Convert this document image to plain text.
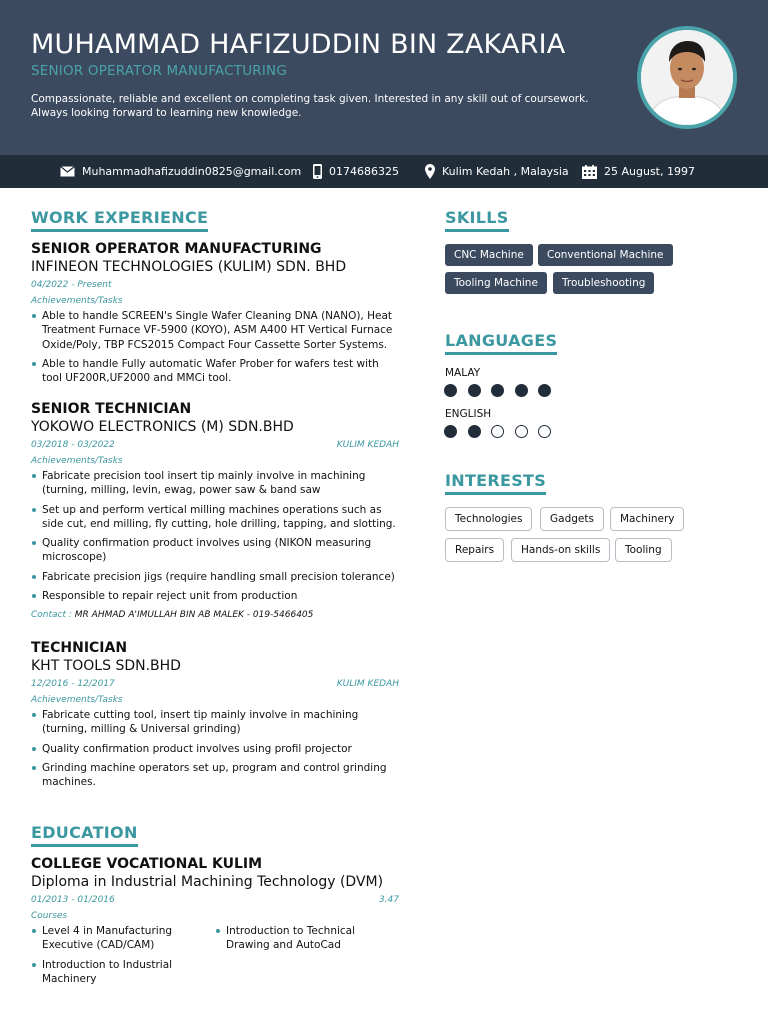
MUHAMMAD HAFIZUDDIN BIN ZAKARIA
SENIOR OPERATOR MANUFACTURING
Compassionate, reliable and excellent on completing task given. Interested in any skill out of coursework. Always looking forward to learning new knowledge.
Muhammadhafizuddin0825@gmail.com	0174686325	Kulim Kedah , Malaysia	25 August, 1997
WORK EXPERIENCE
SENIOR OPERATOR MANUFACTURING
INFINEON TECHNOLOGIES (KULIM) SDN. BHD
04/2022 - Present
Achievements/Tasks
Able to handle SCREEN's Single Wafer Cleaning DNA (NANO), Heat Treatment Furnace VF-5900 (KOYO), ASM A400 HT Vertical Furnace Oxide/Poly, TBP FCS2015 Compact Four Cassette Sorter Systems.
Able to handle Fully automatic Wafer Prober for wafers test with tool UF200R,UF2000 and MMCi tool.
SENIOR TECHNICIAN
YOKOWO ELECTRONICS (M) SDN.BHD
03/2018 - 03/2022	KULIM KEDAH
Achievements/Tasks
Fabricate precision tool insert tip mainly involve in machining (turning, milling, levin, ewag, power saw & band saw
Set up and perform vertical milling machines operations such as side cut, end milling, fly cutting, hole drilling, tapping, and slotting.
Quality confirmation product involves using (NIKON measuring microscope)
Fabricate precision jigs (require handling small precision tolerance)
Responsible to repair reject unit from production
Contact : MR AHMAD A'IMULLAH BIN AB MALEK - 019-5466405
TECHNICIAN
KHT TOOLS SDN.BHD
12/2016 - 12/2017	KULIM KEDAH
Achievements/Tasks
Fabricate cutting tool, insert tip mainly involve in machining (turning, milling & Universal grinding)
Quality confirmation product involves using profil projector
Grinding machine operators set up, program and control grinding machines.
EDUCATION
COLLEGE VOCATIONAL KULIM
Diploma in Industrial Machining Technology (DVM)
01/2013 - 01/2016	3.47
Courses
Level 4 in Manufacturing Executive (CAD/CAM)
Introduction to Industrial Machinery
Introduction to Technical Drawing and AutoCad
SKILLS
CNC Machine	Conventional Machine
Tooling Machine	Troubleshooting
LANGUAGES
MALAY
ENGLISH
INTERESTS
Technologies	Gadgets	Machinery
Repairs	Hands-on skills	Tooling
